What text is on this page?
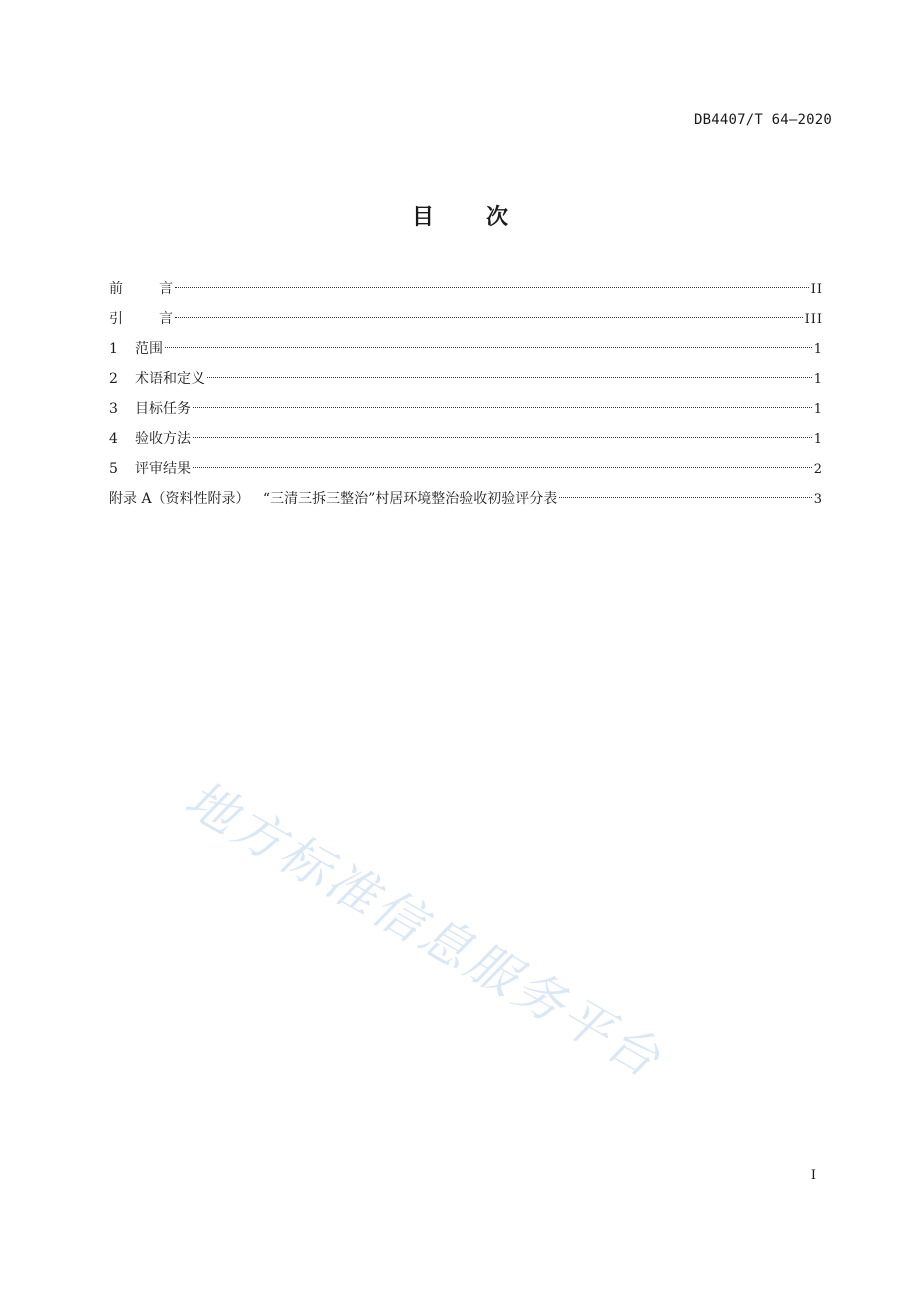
DB4407/T 64—2020
目 次
前	言	II
引	言	III
1	范围	1
2	术语和定义	1
3	目标任务	1
4	验收方法	1
5	评审结果	2
附录 A（资料性附录）   “三清三拆三整治”村居环境整治验收初验评分表	3
地方标准信息服务平台
I
